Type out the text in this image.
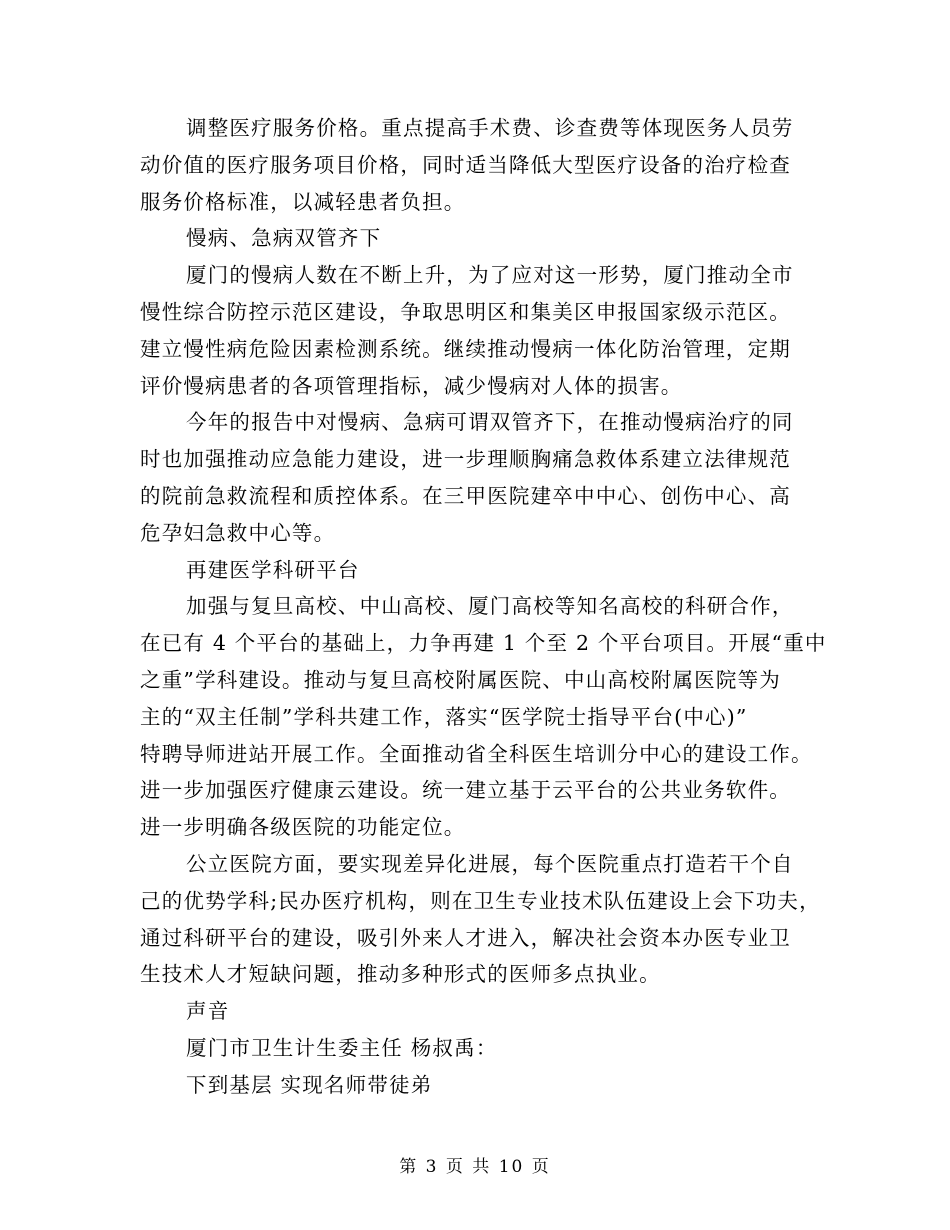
调整医疗服务价格。重点提高手术费、诊查费等体现医务人员劳
动价值的医疗服务项目价格，同时适当降低大型医疗设备的治疗检查
服务价格标准，以减轻患者负担。
慢病、急病双管齐下
厦门的慢病人数在不断上升，为了应对这一形势，厦门推动全市
慢性综合防控示范区建设，争取思明区和集美区申报国家级示范区。
建立慢性病危险因素检测系统。继续推动慢病一体化防治管理，定期
评价慢病患者的各项管理指标，减少慢病对人体的损害。
今年的报告中对慢病、急病可谓双管齐下，在推动慢病治疗的同
时也加强推动应急能力建设，进一步理顺胸痛急救体系建立法律规范
的院前急救流程和质控体系。在三甲医院建卒中中心、创伤中心、高
危孕妇急救中心等。
再建医学科研平台
加强与复旦高校、中山高校、厦门高校等知名高校的科研合作，
在已有 4 个平台的基础上，力争再建 1 个至 2 个平台项目。开展“重中
之重”学科建设。推动与复旦高校附属医院、中山高校附属医院等为
主的“双主任制”学科共建工作，落实“医学院士指导平台(中心)”
特聘导师进站开展工作。全面推动省全科医生培训分中心的建设工作。
进一步加强医疗健康云建设。统一建立基于云平台的公共业务软件。
进一步明确各级医院的功能定位。
公立医院方面，要实现差异化进展，每个医院重点打造若干个自
己的优势学科;民办医疗机构，则在卫生专业技术队伍建设上会下功夫，
通过科研平台的建设，吸引外来人才进入，解决社会资本办医专业卫
生技术人才短缺问题，推动多种形式的医师多点执业。
声音
厦门市卫生计生委主任 杨叔禹：
下到基层 实现名师带徒弟
第 3 页 共 10 页
